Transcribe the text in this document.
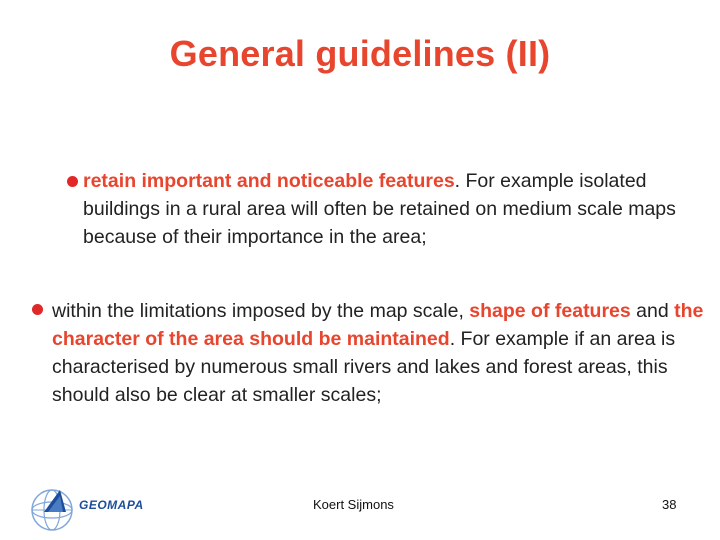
General guidelines (II)

retain important and noticeable features. For example isolated buildings in a rural area will often be retained on medium scale maps because of their importance in the area;

within the limitations imposed by the map scale, shape of features and the character of the area should be maintained. For example if an area is characterised by numerous small rivers and lakes and forest areas, this should also be clear at smaller scales;

GEOMAPA	Koert Sijmons	38
